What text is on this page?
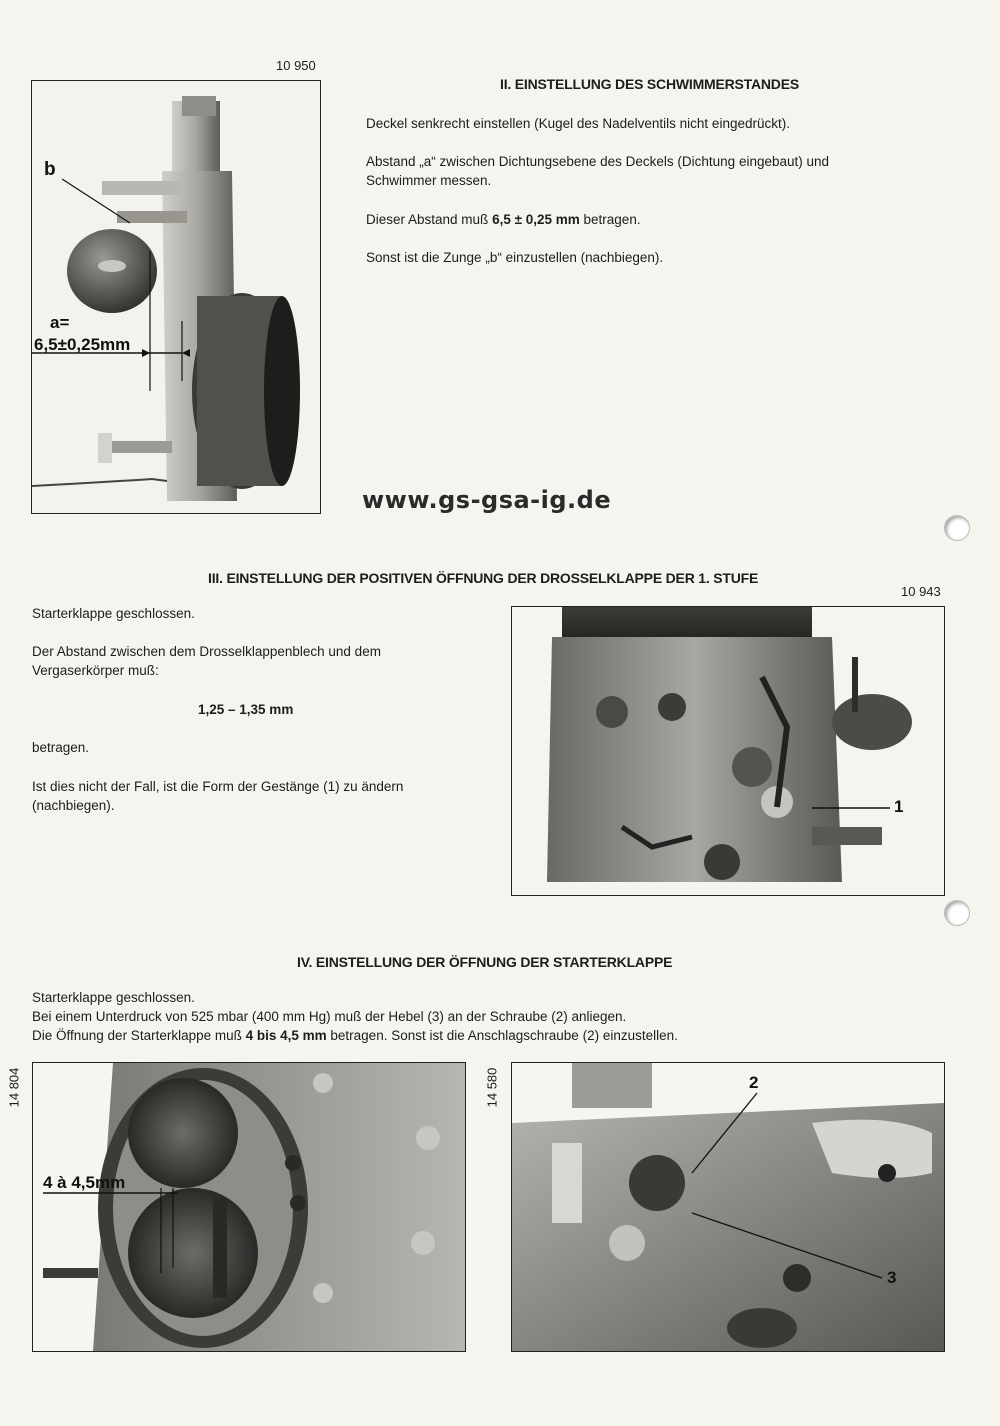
10 950
b
a=
6,5±0,25mm
II. EINSTELLUNG DES SCHWIMMERSTANDES
Deckel senkrecht einstellen (Kugel des Nadelventils nicht eingedrückt).
Abstand „a“ zwischen Dichtungsebene des Deckels (Dichtung eingebaut) und Schwimmer messen.
Dieser Abstand muß 6,5 ± 0,25 mm betragen.
Sonst ist die Zunge „b“ einzustellen (nachbiegen).
www.gs-gsa-ig.de
III. EINSTELLUNG DER POSITIVEN ÖFFNUNG DER DROSSELKLAPPE DER 1. STUFE
10 943
Starterklappe geschlossen.
Der Abstand zwischen dem Drosselklappenblech und dem Vergaserkörper muß:
1,25 – 1,35 mm
betragen.
Ist dies nicht der Fall, ist die Form der Gestänge (1) zu ändern (nachbiegen).	1
IV. EINSTELLUNG DER ÖFFNUNG DER STARTERKLAPPE
Starterklappe geschlossen.
Bei einem Unterdruck von 525 mbar (400 mm Hg) muß der Hebel (3) an der Schraube (2) anliegen.
Die Öffnung der Starterklappe muß 4 bis 4,5 mm betragen. Sonst ist die Anschlagschraube (2) einzustellen.
14 804	14 580
4 à 4,5mm
2
3
